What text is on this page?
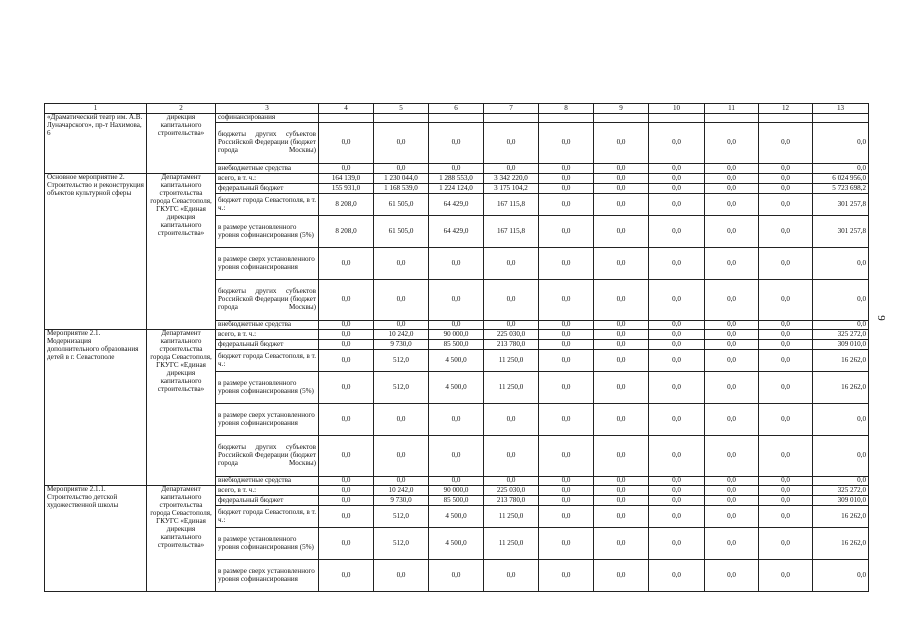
1	2	3	4	5	6	7	8	9	10	11	12	13
«Драматический театр им. А.В. Луначарского», пр-т Нахимова, 6	дирекция капитального строительства»	софинансирования										
		бюджеты других субъектов Российской Федерации (бюджет города Москвы)	0,0	0,0	0,0	0,0	0,0	0,0	0,0	0,0	0,0	0,0
		внебюджетные средства	0,0	0,0	0,0	0,0	0,0	0,0	0,0	0,0	0,0	0,0
Основное мероприятие 2. Строительство и реконструкция объектов культурной сферы	Департамент капитального строительства города Севастополя, ГКУГС «Единая дирекция капитального строительства»	всего, в т. ч.:	164 139,0	1 230 044,0	1 288 553,0	3 342 220,0	0,0	0,0	0,0	0,0	0,0	6 024 956,0
		федеральный бюджет	155 931,0	1 168 539,0	1 224 124,0	3 175 104,2	0,0	0,0	0,0	0,0	0,0	5 723 698,2
		бюджет города Севастополя, в т. ч.:	8 208,0	61 505,0	64 429,0	167 115,8	0,0	0,0	0,0	0,0	0,0	301 257,8
		в размере установленного уровня софинансирования (5%)	8 208,0	61 505,0	64 429,0	167 115,8	0,0	0,0	0,0	0,0	0,0	301 257,8
		в размере сверх установленного уровня софинансирования	0,0	0,0	0,0	0,0	0,0	0,0	0,0	0,0	0,0	0,0
		бюджеты других субъектов Российской Федерации (бюджет города Москвы)	0,0	0,0	0,0	0,0	0,0	0,0	0,0	0,0	0,0	0,0
		внебюджетные средства	0,0	0,0	0,0	0,0	0,0	0,0	0,0	0,0	0,0	0,0
Мероприятие 2.1. Модернизация дополнительного образования детей в г. Севастополе	Департамент капитального строительства города Севастополя, ГКУГС «Единая дирекция капитального строительства»	всего, в т. ч.:	0,0	10 242,0	90 000,0	225 030,0	0,0	0,0	0,0	0,0	0,0	325 272,0
		федеральный бюджет	0,0	9 730,0	85 500,0	213 780,0	0,0	0,0	0,0	0,0	0,0	309 010,0
		бюджет города Севастополя, в т. ч.:	0,0	512,0	4 500,0	11 250,0	0,0	0,0	0,0	0,0	0,0	16 262,0
		в размере установленного уровня софинансирования (5%)	0,0	512,0	4 500,0	11 250,0	0,0	0,0	0,0	0,0	0,0	16 262,0
		в размере сверх установленного уровня софинансирования	0,0	0,0	0,0	0,0	0,0	0,0	0,0	0,0	0,0	0,0
		бюджеты других субъектов Российской Федерации (бюджет города Москвы)	0,0	0,0	0,0	0,0	0,0	0,0	0,0	0,0	0,0	0,0
		внебюджетные средства	0,0	0,0	0,0	0,0	0,0	0,0	0,0	0,0	0,0	0,0
Мероприятие 2.1.1. Строительство детской художественной школы	Департамент капитального строительства города Севастополя, ГКУГС «Единая дирекция капитального строительства»	всего, в т. ч.:	0,0	10 242,0	90 000,0	225 030,0	0,0	0,0	0,0	0,0	0,0	325 272,0
		федеральный бюджет	0,0	9 730,0	85 500,0	213 780,0	0,0	0,0	0,0	0,0	0,0	309 010,0
		бюджет города Севастополя, в т. ч.:	0,0	512,0	4 500,0	11 250,0	0,0	0,0	0,0	0,0	0,0	16 262,0
		в размере установленного уровня софинансирования (5%)	0,0	512,0	4 500,0	11 250,0	0,0	0,0	0,0	0,0	0,0	16 262,0
		в размере сверх установленного уровня софинансирования	0,0	0,0	0,0	0,0	0,0	0,0	0,0	0,0	0,0	0,0
9
